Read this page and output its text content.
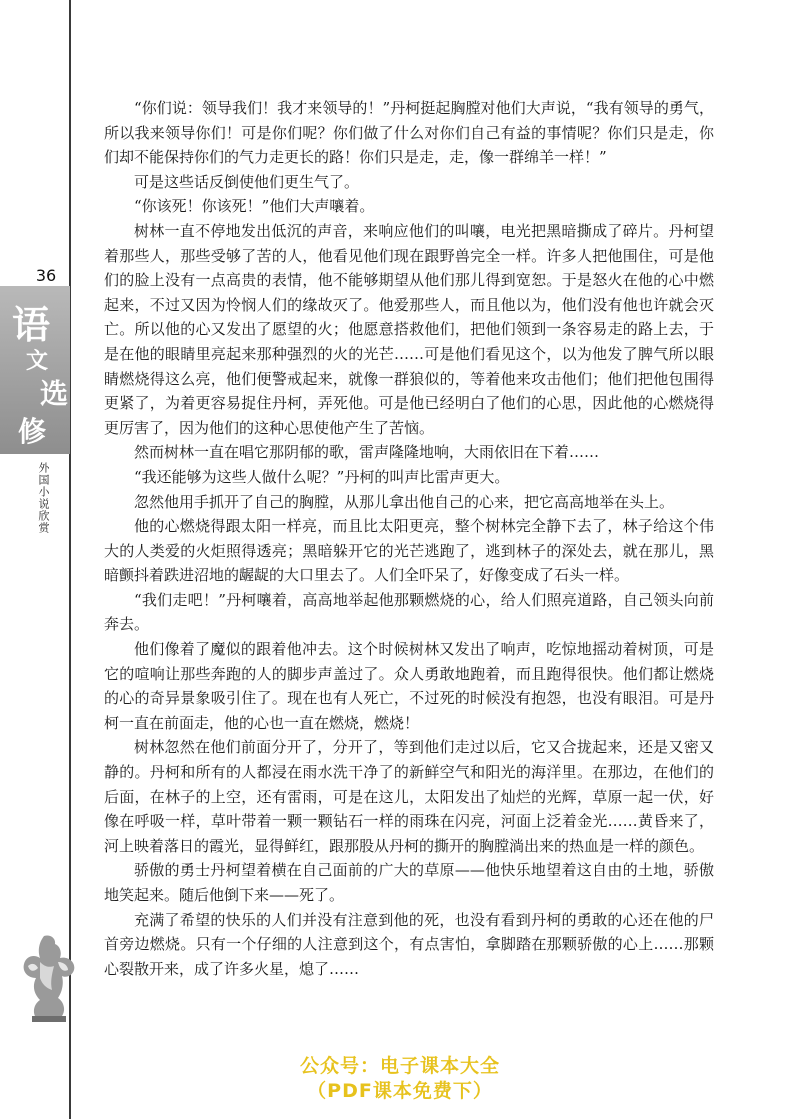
36
语
文
选
修
外国小说欣赏

“你们说：领导我们！我才来领导的！”丹柯挺起胸膛对他们大声说，“我有领导的勇气，所以我来领导你们！可是你们呢？你们做了什么对你们自己有益的事情呢？你们只是走，你们却不能保持你们的气力走更长的路！你们只是走，走，像一群绵羊一样！”

可是这些话反倒使他们更生气了。

“你该死！你该死！”他们大声嚷着。

树林一直不停地发出低沉的声音，来响应他们的叫嚷，电光把黑暗撕成了碎片。丹柯望着那些人，那些受够了苦的人，他看见他们现在跟野兽完全一样。许多人把他围住，可是他们的脸上没有一点高贵的表情，他不能够期望从他们那儿得到宽恕。于是怒火在他的心中燃起来，不过又因为怜悯人们的缘故灭了。他爱那些人，而且他以为，他们没有他也许就会灭亡。所以他的心又发出了愿望的火；他愿意搭救他们，把他们领到一条容易走的路上去，于是在他的眼睛里亮起来那种强烈的火的光芒……可是他们看见这个，以为他发了脾气所以眼睛燃烧得这么亮，他们便警戒起来，就像一群狼似的，等着他来攻击他们；他们把他包围得更紧了，为着更容易捉住丹柯，弄死他。可是他已经明白了他们的心思，因此他的心燃烧得更厉害了，因为他们的这种心思使他产生了苦恼。

然而树林一直在唱它那阴郁的歌，雷声隆隆地响，大雨依旧在下着……

“我还能够为这些人做什么呢？”丹柯的叫声比雷声更大。

忽然他用手抓开了自己的胸膛，从那儿拿出他自己的心来，把它高高地举在头上。

他的心燃烧得跟太阳一样亮，而且比太阳更亮，整个树林完全静下去了，林子给这个伟大的人类爱的火炬照得透亮；黑暗躲开它的光芒逃跑了，逃到林子的深处去，就在那儿，黑暗颤抖着跌进沼地的龌龊的大口里去了。人们全吓呆了，好像变成了石头一样。

“我们走吧！”丹柯嚷着，高高地举起他那颗燃烧的心，给人们照亮道路，自己领头向前奔去。

他们像着了魔似的跟着他冲去。这个时候树林又发出了响声，吃惊地摇动着树顶，可是它的喧响让那些奔跑的人的脚步声盖过了。众人勇敢地跑着，而且跑得很快。他们都让燃烧的心的奇异景象吸引住了。现在也有人死亡，不过死的时候没有抱怨，也没有眼泪。可是丹柯一直在前面走，他的心也一直在燃烧，燃烧！

树林忽然在他们前面分开了，分开了，等到他们走过以后，它又合拢起来，还是又密又静的。丹柯和所有的人都浸在雨水洗干净了的新鲜空气和阳光的海洋里。在那边，在他们的后面，在林子的上空，还有雷雨，可是在这儿，太阳发出了灿烂的光辉，草原一起一伏，好像在呼吸一样，草叶带着一颗一颗钻石一样的雨珠在闪亮，河面上泛着金光……黄昏来了，河上映着落日的霞光，显得鲜红，跟那股从丹柯的撕开的胸膛淌出来的热血是一样的颜色。

骄傲的勇士丹柯望着横在自己面前的广大的草原——他快乐地望着这自由的土地，骄傲地笑起来。随后他倒下来——死了。

充满了希望的快乐的人们并没有注意到他的死，也没有看到丹柯的勇敢的心还在他的尸首旁边燃烧。只有一个仔细的人注意到这个，有点害怕，拿脚踏在那颗骄傲的心上……那颗心裂散开来，成了许多火星，熄了……

公众号：电子课本大全
（PDF课本免费下）
